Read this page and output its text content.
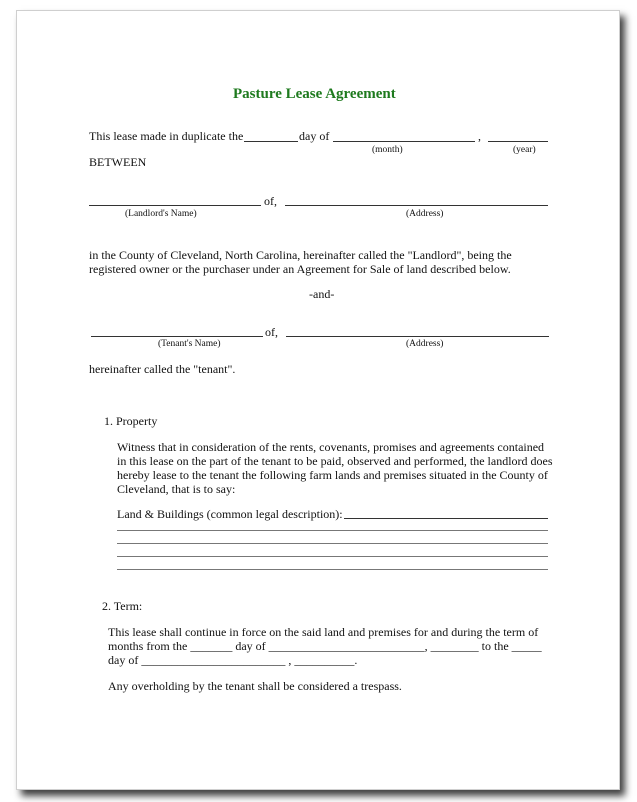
Pasture Lease Agreement
This lease made in duplicate the	day of	,
(month)	(year)
BETWEEN
of,
(Landlord's Name)	(Address)
in the County of Cleveland, North Carolina, hereinafter called the "Landlord", being the
registered owner or the purchaser under an Agreement for Sale of land described below.
-and-
of,
(Tenant's Name)	(Address)
hereinafter called the "tenant".
1. Property
Witness that in consideration of the rents, covenants, promises and agreements contained
in this lease on the part of the tenant to be paid, observed and performed, the landlord does
hereby lease to the tenant the following farm lands and premises situated in the County of
Cleveland, that is to say:
Land & Buildings (common legal description):
2. Term:
This lease shall continue in force on the said land and premises for and during the term of
months from the _______ day of __________________________, ________ to the _____
day of ________________________ , __________.
Any overholding by the tenant shall be considered a trespass.
